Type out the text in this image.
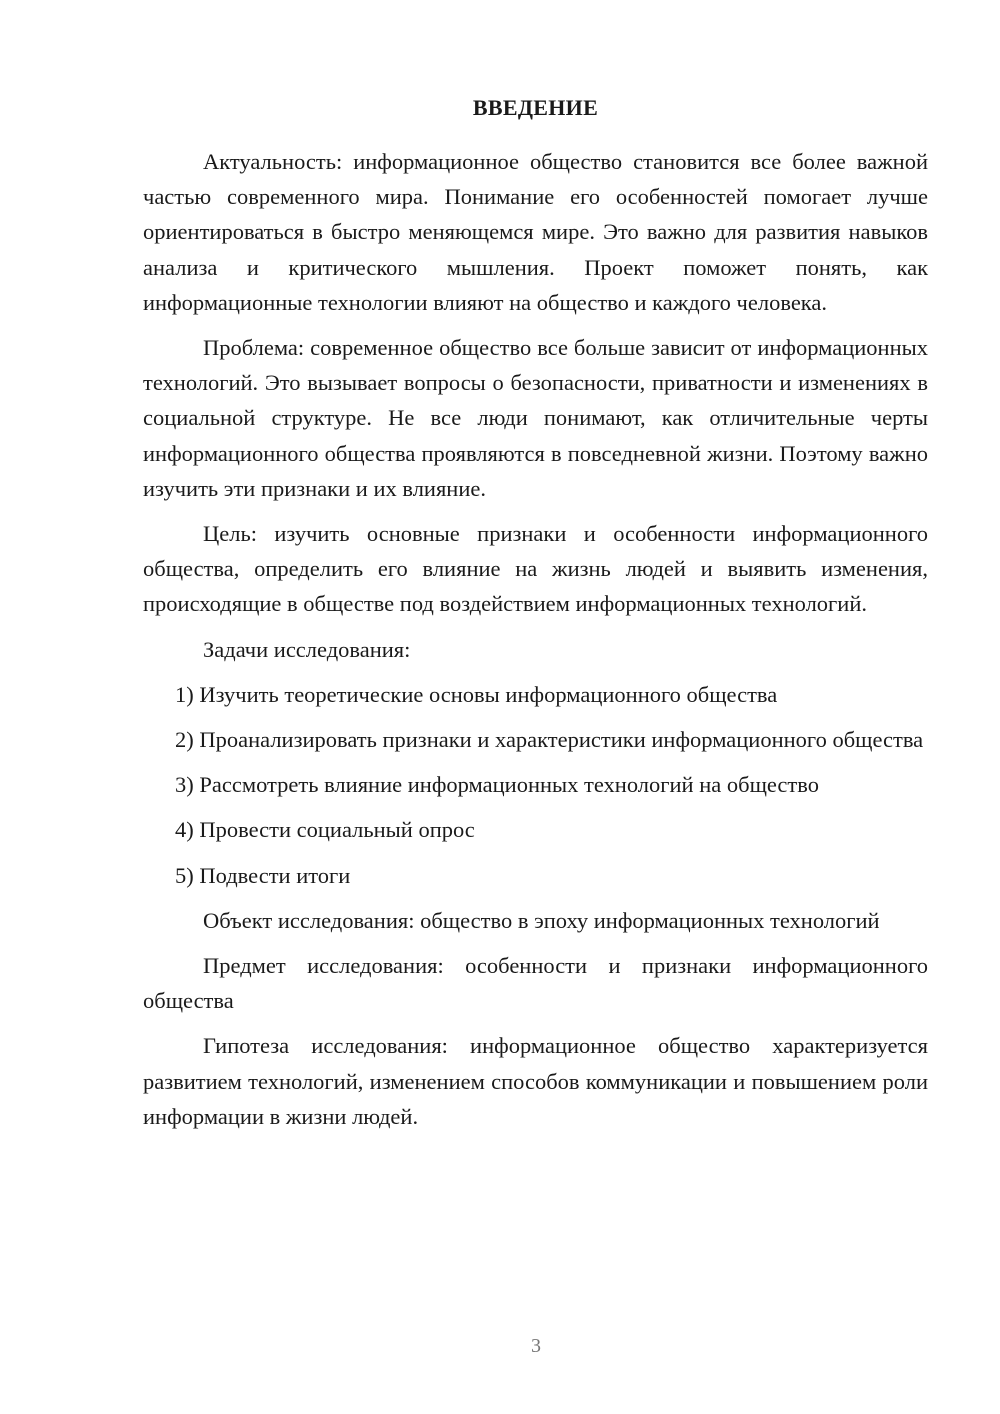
ВВЕДЕНИЕ

Актуальность: информационное общество становится все более важной частью современного мира. Понимание его особенностей помогает лучше ориентироваться в быстро меняющемся мире. Это важно для развития навыков анализа и критического мышления. Проект поможет понять, как информационные технологии влияют на общество и каждого человека.

Проблема: современное общество все больше зависит от информационных технологий. Это вызывает вопросы о безопасности, приватности и изменениях в социальной структуре. Не все люди понимают, как отличительные черты информационного общества проявляются в повседневной жизни. Поэтому важно изучить эти признаки и их влияние.

Цель: изучить основные признаки и особенности информационного общества, определить его влияние на жизнь людей и выявить изменения, происходящие в обществе под воздействием информационных технологий.

Задачи исследования:

1) Изучить теоретические основы информационного общества

2) Проанализировать признаки и характеристики информационного общества

3) Рассмотреть влияние информационных технологий на общество

4) Провести социальный опрос

5) Подвести итоги

Объект исследования: общество в эпоху информационных технологий

Предмет исследования: особенности и признаки информационного общества

Гипотеза исследования: информационное общество характеризуется развитием технологий, изменением способов коммуникации и повышением роли информации в жизни людей.

3
